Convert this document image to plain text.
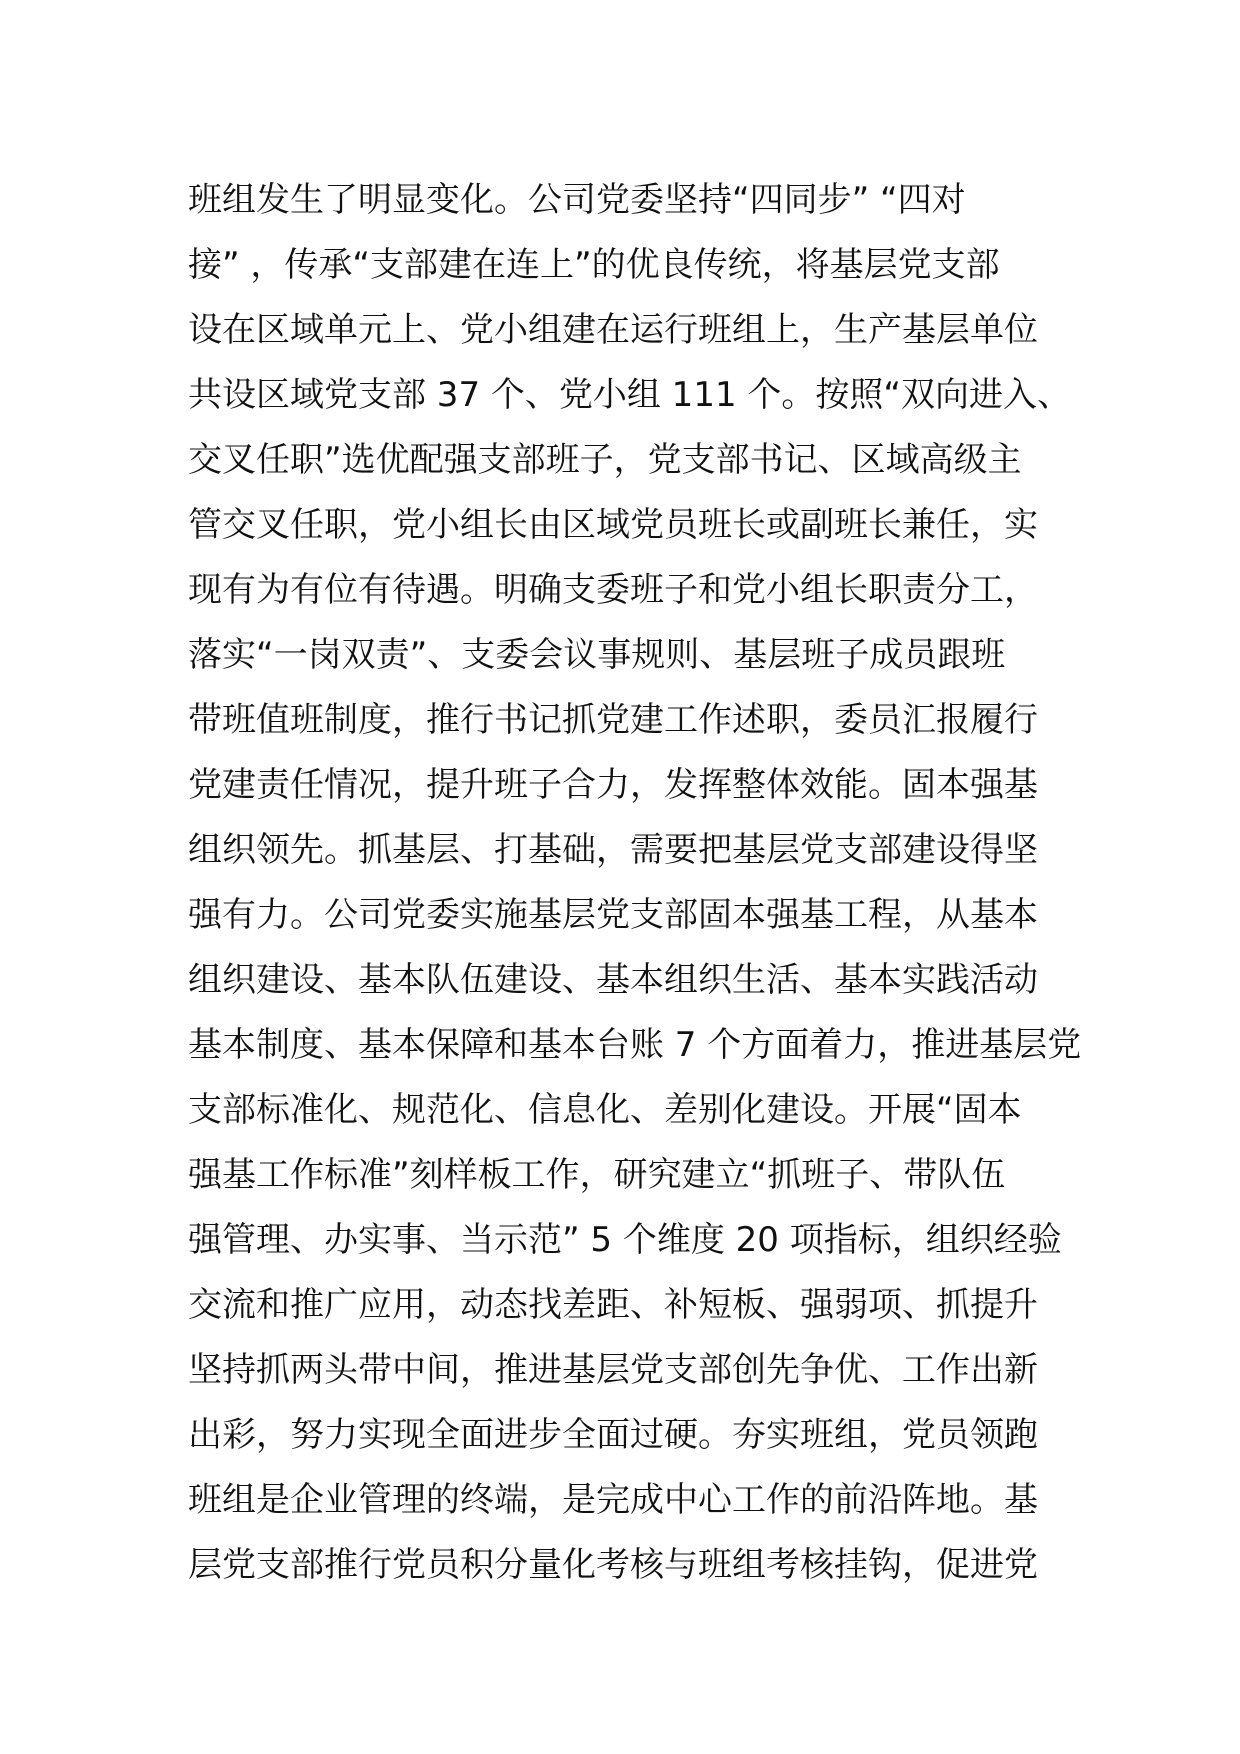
班组发生了明显变化。公司党委坚持“四同步” “四对
接” ，传承“支部建在连上”的优良传统，将基层党支部
设在区域单元上、党小组建在运行班组上，生产基层单位
共设区域党支部 37 个、党小组 111 个。按照“双向进入、
交叉任职”选优配强支部班子，党支部书记、区域高级主
管交叉任职，党小组长由区域党员班长或副班长兼任，实
现有为有位有待遇。明确支委班子和党小组长职责分工，
落实“一岗双责”、支委会议事规则、基层班子成员跟班
带班值班制度，推行书记抓党建工作述职，委员汇报履行
党建责任情况，提升班子合力，发挥整体效能。固本强基
组织领先。抓基层、打基础，需要把基层党支部建设得坚
强有力。公司党委实施基层党支部固本强基工程，从基本
组织建设、基本队伍建设、基本组织生活、基本实践活动
基本制度、基本保障和基本台账 7 个方面着力，推进基层党
支部标准化、规范化、信息化、差别化建设。开展“固本
强基工作标准”刻样板工作，研究建立“抓班子、带队伍
强管理、办实事、当示范” 5 个维度 20 项指标，组织经验
交流和推广应用，动态找差距、补短板、强弱项、抓提升
坚持抓两头带中间，推进基层党支部创先争优、工作出新
出彩，努力实现全面进步全面过硬。夯实班组，党员领跑
班组是企业管理的终端，是完成中心工作的前沿阵地。基
层党支部推行党员积分量化考核与班组考核挂钩，促进党
